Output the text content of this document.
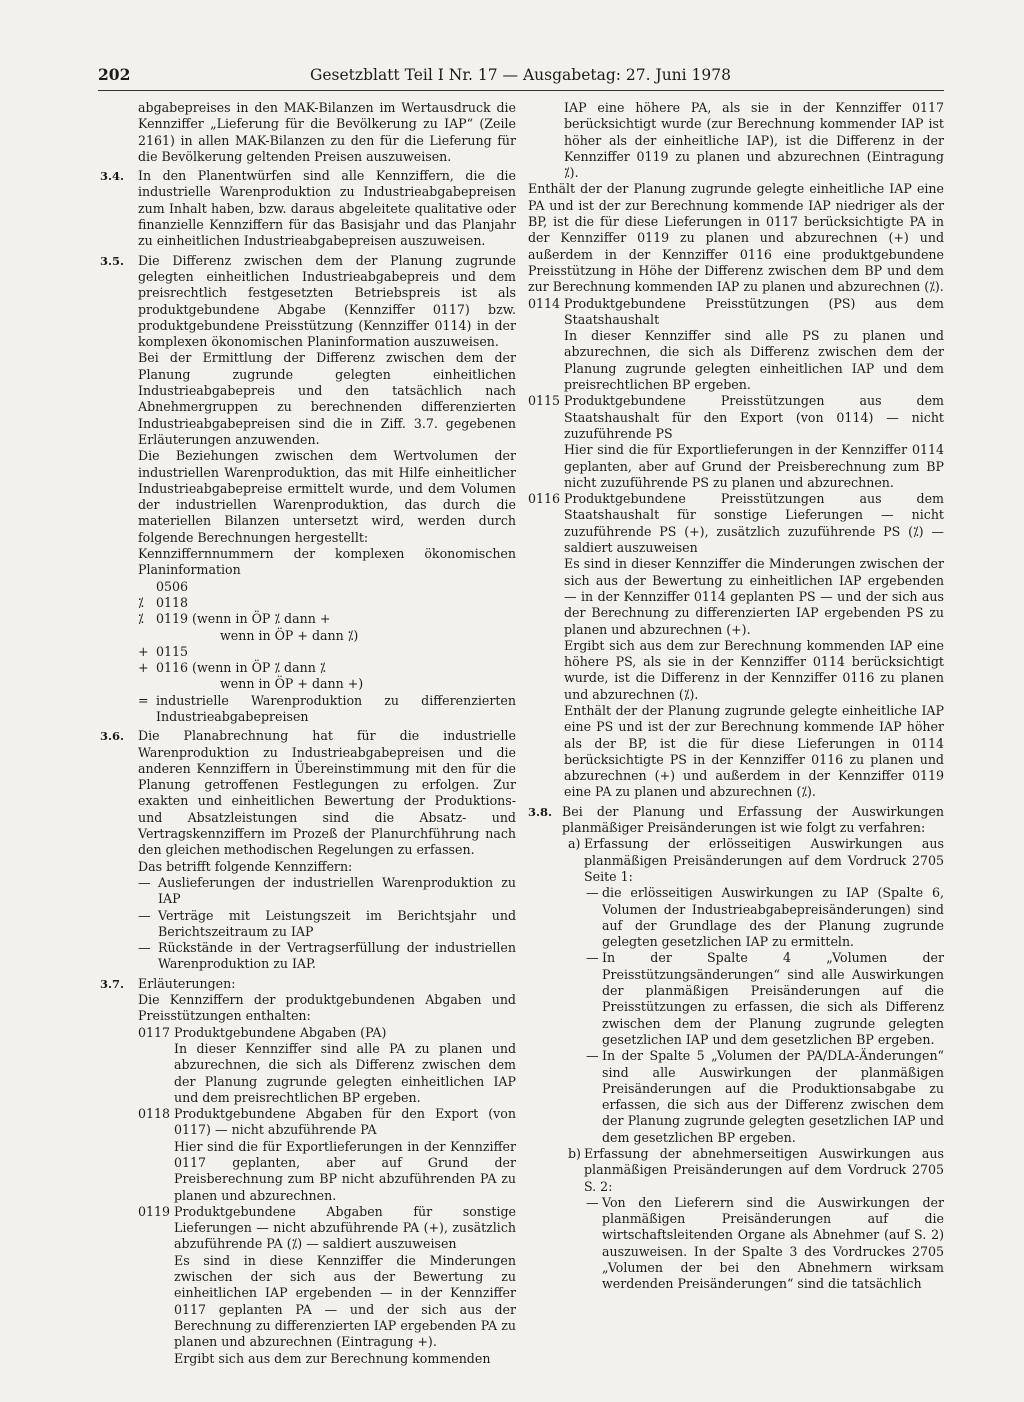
202	Gesetzblatt Teil I Nr. 17 — Ausgabetag: 27. Juni 1978

abgabepreises in den MAK-Bilanzen im Wertausdruck die Kennziffer „Lieferung für die Bevölkerung zu IAP“ (Zeile 2161) in allen MAK-Bilanzen zu den für die Lieferung für die Bevölkerung geltenden Preisen auszuweisen.

3.4. In den Planentwürfen sind alle Kennziffern, die die industrielle Warenproduktion zu Industrieabgabepreisen zum Inhalt haben, bzw. daraus abgeleitete qualitative oder finanzielle Kennziffern für das Basisjahr und das Planjahr zu einheitlichen Industrieabgabepreisen auszuweisen.

3.5. Die Differenz zwischen dem der Planung zugrunde gelegten einheitlichen Industrieabgabepreis und dem preisrechtlich festgesetzten Betriebspreis ist als produktgebundene Abgabe (Kennziffer 0117) bzw. produktgebundene Preisstützung (Kennziffer 0114) in der komplexen ökonomischen Planinformation auszuweisen.

Bei der Ermittlung der Differenz zwischen dem der Planung zugrunde gelegten einheitlichen Industrieabgabepreis und den tatsächlich nach Abnehmergruppen zu berechnenden differenzierten Industrieabgabepreisen sind die in Ziff. 3.7. gegebenen Erläuterungen anzuwenden.

Die Beziehungen zwischen dem Wertvolumen der industriellen Warenproduktion, das mit Hilfe einheitlicher Industrieabgabepreise ermittelt wurde, und dem Volumen der industriellen Warenproduktion, das durch die materiellen Bilanzen untersetzt wird, werden durch folgende Berechnungen hergestellt:

Kennziffernnummern der komplexen ökonomischen Planinformation

0506
⁒ 0118
⁒ 0119 (wenn in ÖP ⁒ dann +
wenn in ÖP + dann ⁒)
+ 0115
+ 0116 (wenn in ÖP ⁒ dann ⁒
wenn in ÖP + dann +)
= industrielle Warenproduktion zu differenzierten Industrieabgabepreisen

3.6. Die Planabrechnung hat für die industrielle Warenproduktion zu Industrieabgabepreisen und die anderen Kennziffern in Übereinstimmung mit den für die Planung getroffenen Festlegungen zu erfolgen. Zur exakten und einheitlichen Bewertung der Produktions- und Absatzleistungen sind die Absatz- und Vertragskennziffern im Prozeß der Planurchführung nach den gleichen methodischen Regelungen zu erfassen.

Das betrifft folgende Kennziffern:

— Auslieferungen der industriellen Warenproduktion zu IAP

— Verträge mit Leistungszeit im Berichtsjahr und Berichtszeitraum zu IAP

— Rückstände in der Vertragserfüllung der industriellen Warenproduktion zu IAP.

3.7. Erläuterungen:

Die Kennziffern der produktgebundenen Abgaben und Preisstützungen enthalten:

0117 Produktgebundene Abgaben (PA)

In dieser Kennziffer sind alle PA zu planen und abzurechnen, die sich als Differenz zwischen dem der Planung zugrunde gelegten einheitlichen IAP und dem preisrechtlichen BP ergeben.

0118 Produktgebundene Abgaben für den Export (von 0117) — nicht abzuführende PA

Hier sind die für Exportlieferungen in der Kennziffer 0117 geplanten, aber auf Grund der Preisberechnung zum BP nicht abzuführenden PA zu planen und abzurechnen.

0119 Produktgebundene Abgaben für sonstige Lieferungen — nicht abzuführende PA (+), zusätzlich abzuführende PA (⁒) — saldiert auszuweisen

Es sind in diese Kennziffer die Minderungen zwischen der sich aus der Bewertung zu einheitlichen IAP ergebenden — in der Kennziffer 0117 geplanten PA — und der sich aus der Berechnung zu differenzierten IAP ergebenden PA zu planen und abzurechnen (Eintragung +).

Ergibt sich aus dem zur Berechnung kommenden

IAP eine höhere PA, als sie in der Kennziffer 0117 berücksichtigt wurde (zur Berechnung kommender IAP ist höher als der einheitliche IAP), ist die Differenz in der Kennziffer 0119 zu planen und abzurechnen (Eintragung ⁒).

Enthält der der Planung zugrunde gelegte einheitliche IAP eine PA und ist der zur Berechnung kommende IAP niedriger als der BP, ist die für diese Lieferungen in 0117 berücksichtigte PA in der Kennziffer 0119 zu planen und abzurechnen (+) und außerdem in der Kennziffer 0116 eine produktgebundene Preisstützung in Höhe der Differenz zwischen dem BP und dem zur Berechnung kommenden IAP zu planen und abzurechnen (⁒).

0114 Produktgebundene Preisstützungen (PS) aus dem Staatshaushalt

In dieser Kennziffer sind alle PS zu planen und abzurechnen, die sich als Differenz zwischen dem der Planung zugrunde gelegten einheitlichen IAP und dem preisrechtlichen BP ergeben.

0115 Produktgebundene Preisstützungen aus dem Staatshaushalt für den Export (von 0114) — nicht zuzuführende PS

Hier sind die für Exportlieferungen in der Kennziffer 0114 geplanten, aber auf Grund der Preisberechnung zum BP nicht zuzuführende PS zu planen und abzurechnen.

0116 Produktgebundene Preisstützungen aus dem Staatshaushalt für sonstige Lieferungen — nicht zuzuführende PS (+), zusätzlich zuzuführende PS (⁒) — saldiert auszuweisen

Es sind in dieser Kennziffer die Minderungen zwischen der sich aus der Bewertung zu einheitlichen IAP ergebenden — in der Kennziffer 0114 geplanten PS — und der sich aus der Berechnung zu differenzierten IAP ergebenden PS zu planen und abzurechnen (+).

Ergibt sich aus dem zur Berechnung kommenden IAP eine höhere PS, als sie in der Kennziffer 0114 berücksichtigt wurde, ist die Differenz in der Kennziffer 0116 zu planen und abzurechnen (⁒).

Enthält der der Planung zugrunde gelegte einheitliche IAP eine PS und ist der zur Berechnung kommende IAP höher als der BP, ist die für diese Lieferungen in 0114 berücksichtigte PS in der Kennziffer 0116 zu planen und abzurechnen (+) und außerdem in der Kennziffer 0119 eine PA zu planen und abzurechnen (⁒).

3.8. Bei der Planung und Erfassung der Auswirkungen planmäßiger Preisänderungen ist wie folgt zu verfahren:

a) Erfassung der erlösseitigen Auswirkungen aus planmäßigen Preisänderungen auf dem Vordruck 2705 Seite 1:

— die erlösseitigen Auswirkungen zu IAP (Spalte 6, Volumen der Industrieabgabepreisänderungen) sind auf der Grundlage des der Planung zugrunde gelegten gesetzlichen IAP zu ermitteln.

— In der Spalte 4 „Volumen der Preisstützungsänderungen“ sind alle Auswirkungen der planmäßigen Preisänderungen auf die Preisstützungen zu erfassen, die sich als Differenz zwischen dem der Planung zugrunde gelegten gesetzlichen IAP und dem gesetzlichen BP ergeben.

— In der Spalte 5 „Volumen der PA/DLA-Änderungen“ sind alle Auswirkungen der planmäßigen Preisänderungen auf die Produktionsabgabe zu erfassen, die sich aus der Differenz zwischen dem der Planung zugrunde gelegten gesetzlichen IAP und dem gesetzlichen BP ergeben.

b) Erfassung der abnehmerseitigen Auswirkungen aus planmäßigen Preisänderungen auf dem Vordruck 2705 S. 2:

— Von den Lieferern sind die Auswirkungen der planmäßigen Preisänderungen auf die wirtschaftsleitenden Organe als Abnehmer (auf S. 2) auszuweisen. In der Spalte 3 des Vordruckes 2705 „Volumen der bei den Abnehmern wirksam werdenden Preisänderungen“ sind die tatsächlich
